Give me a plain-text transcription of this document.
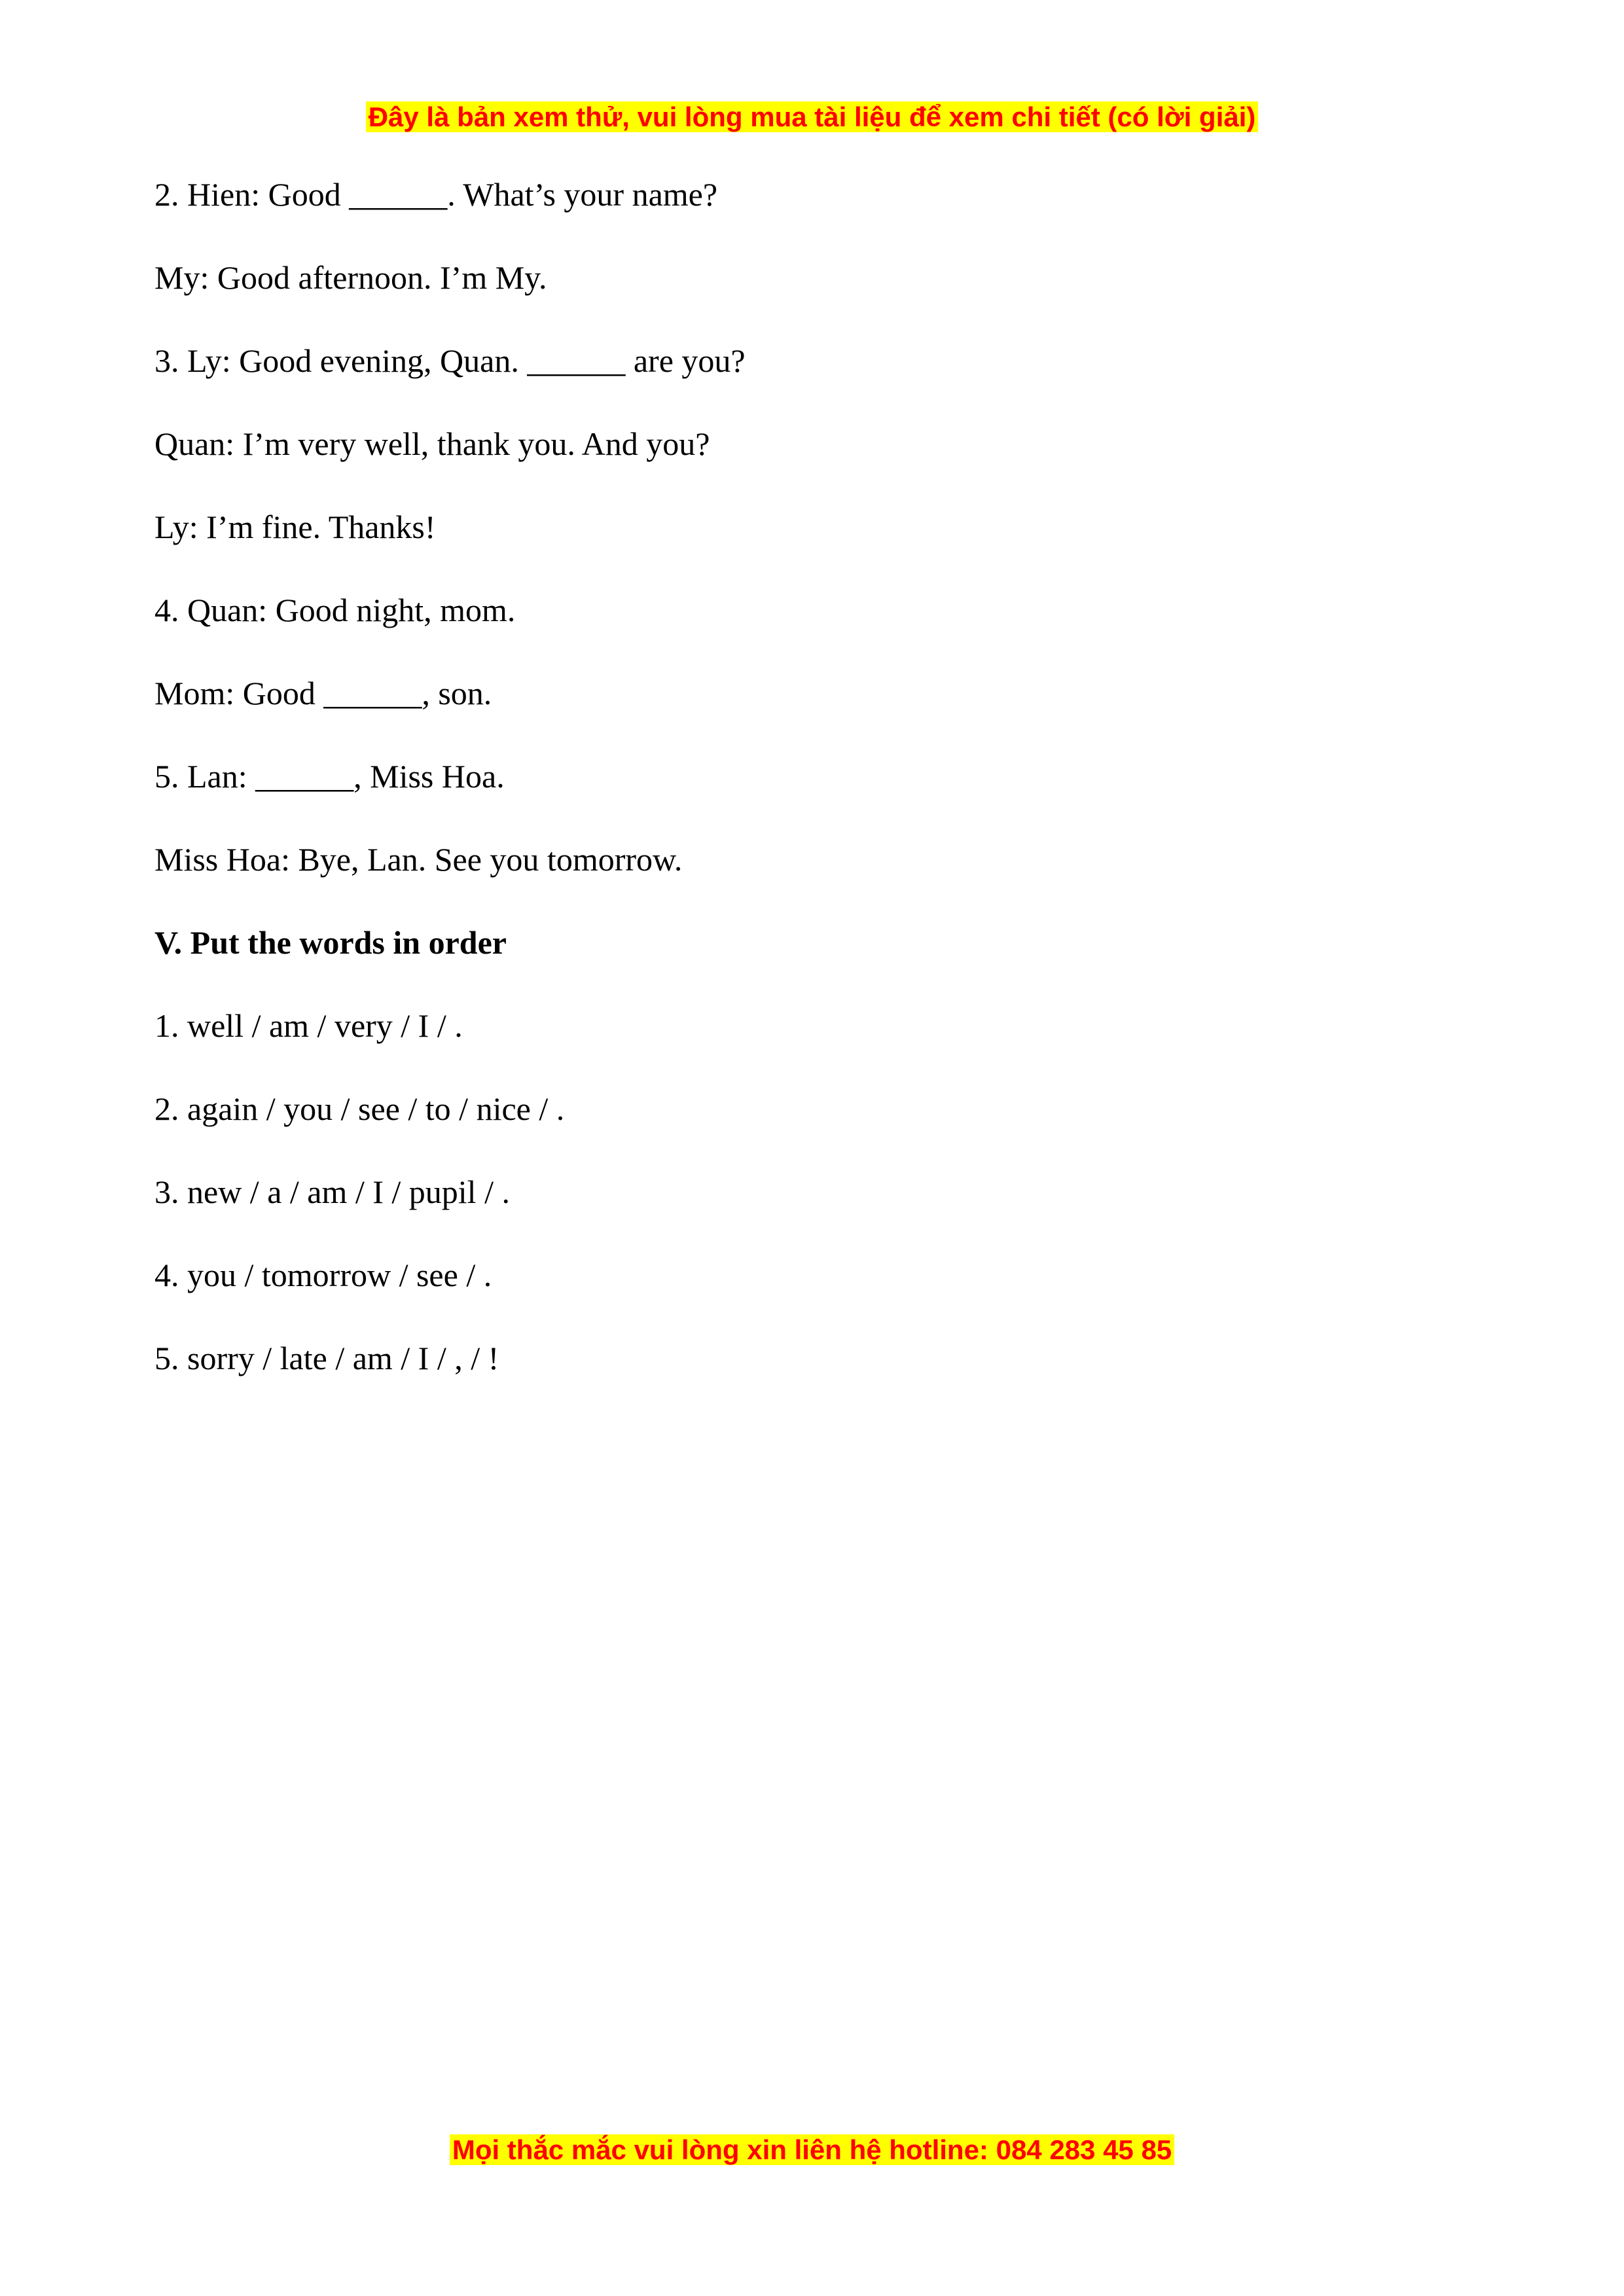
Đây là bản xem thử, vui lòng mua tài liệu để xem chi tiết (có lời giải)
2. Hien: Good ______. What’s your name?
My: Good afternoon. I’m My.
3. Ly: Good evening, Quan. ______ are you?
Quan: I’m very well, thank you. And you?
Ly: I’m fine. Thanks!
4. Quan: Good night, mom.
Mom: Good ______, son.
5. Lan: ______, Miss Hoa.
Miss Hoa: Bye, Lan. See you tomorrow.
V. Put the words in order
1. well / am / very / I / .
2. again / you / see / to / nice / .
3. new / a / am / I / pupil / .
4. you / tomorrow / see / .
5. sorry / late / am / I / , / !
Mọi thắc mắc vui lòng xin liên hệ hotline: 084 283 45 85
